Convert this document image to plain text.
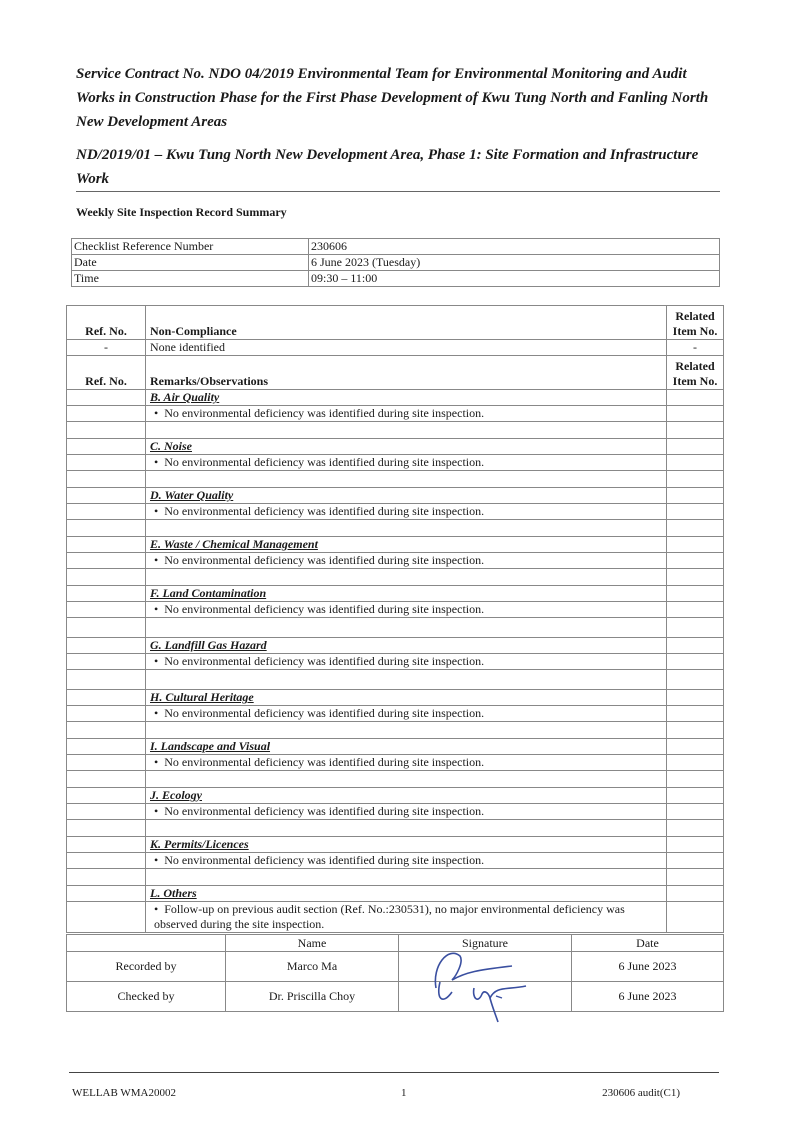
Service Contract No. NDO 04/2019 Environmental Team for Environmental Monitoring and Audit Works in Construction Phase for the First Phase Development of Kwu Tung North and Fanling North New Development Areas
ND/2019/01 – Kwu Tung North New Development Area, Phase 1: Site Formation and Infrastructure Work
Weekly Site Inspection Record Summary
Checklist Reference Number	230606
Date	6 June 2023 (Tuesday)
Time	09:30 – 11:00
Ref. No.	Non-Compliance	Related Item No.
-	None identified	-
Ref. No.	Remarks/Observations	Related Item No.
	B. Air Quality	

	•  No environmental deficiency was identified during site inspection.

	C. Noise	

	•  No environmental deficiency was identified during site inspection.

	D. Water Quality	

	•  No environmental deficiency was identified during site inspection.

	E. Waste / Chemical Management	

	•  No environmental deficiency was identified during site inspection.

	F. Land Contamination	

	•  No environmental deficiency was identified during site inspection.

	G. Landfill Gas Hazard	

	•  No environmental deficiency was identified during site inspection.

	H. Cultural Heritage	

	•  No environmental deficiency was identified during site inspection.

	I. Landscape and Visual	

	•  No environmental deficiency was identified during site inspection.

	J. Ecology	

	•  No environmental deficiency was identified during site inspection.

	K. Permits/Licences	

	•  No environmental deficiency was identified during site inspection.

	L. Others	

	•  Follow-up on previous audit section (Ref. No.:230531), no major environmental deficiency was observed during the site inspection.

	Name	Signature	Date
Recorded by	Marco Ma		6 June 2023
Checked by	Dr. Priscilla Choy		6 June 2023
WELLAB WMA20002	1	230606 audit(C1)
